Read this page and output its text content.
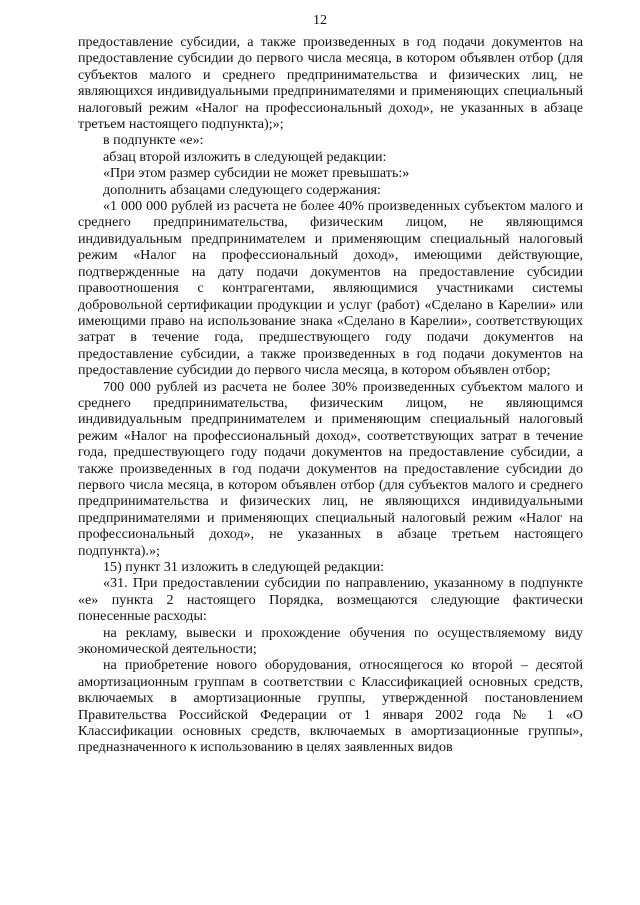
12

предоставление субсидии, а также произведенных в год подачи документов на предоставление субсидии до первого числа месяца, в котором объявлен отбор (для субъектов малого и среднего предпринимательства и физических лиц, не являющихся индивидуальными предпринимателями и применяющих специальный налоговый режим «Налог на профессиональный доход», не указанных в абзаце третьем настоящего подпункта);»;

в подпункте «е»:

абзац второй изложить в следующей редакции:

«При этом размер субсидии не может превышать:»

дополнить абзацами следующего содержания:

«1 000 000 рублей из расчета не более 40% произведенных субъектом малого и среднего предпринимательства, физическим лицом, не являющимся индивидуальным предпринимателем и применяющим специальный налоговый режим «Налог на профессиональный доход», имеющими действующие, подтвержденные на дату подачи документов на предоставление субсидии правоотношения с контрагентами, являющимися участниками системы добровольной сертификации продукции и услуг (работ) «Сделано в Карелии» или имеющими право на использование знака «Сделано в Карелии», соответствующих затрат в течение года, предшествующего году подачи документов на предоставление субсидии, а также произведенных в год подачи документов на предоставление субсидии до первого числа месяца, в котором объявлен отбор;

700 000 рублей из расчета не более 30% произведенных субъектом малого и среднего предпринимательства, физическим лицом, не являющимся индивидуальным предпринимателем и применяющим специальный налоговый режим «Налог на профессиональный доход», соответствующих затрат в течение года, предшествующего году подачи документов на предоставление субсидии, а также произведенных в год подачи документов на предоставление субсидии до первого числа месяца, в котором объявлен отбор (для субъектов малого и среднего предпринимательства и физических лиц, не являющихся индивидуальными предпринимателями и применяющих специальный налоговый режим «Налог на профессиональный доход», не указанных в абзаце третьем настоящего подпункта).»;

15) пункт 31 изложить в следующей редакции:

«31. При предоставлении субсидии по направлению, указанному в подпункте «е» пункта 2 настоящего Порядка, возмещаются следующие фактически понесенные расходы:

на рекламу, вывески и прохождение обучения по осуществляемому виду экономической деятельности;

на приобретение нового оборудования, относящегося ко второй – десятой амортизационным группам в соответствии с Классификацией основных средств, включаемых в амортизационные группы, утвержденной постановлением Правительства Российской Федерации от 1 января 2002 года № 1 «О Классификации основных средств, включаемых в амортизационные группы», предназначенного к использованию в целях заявленных видов
